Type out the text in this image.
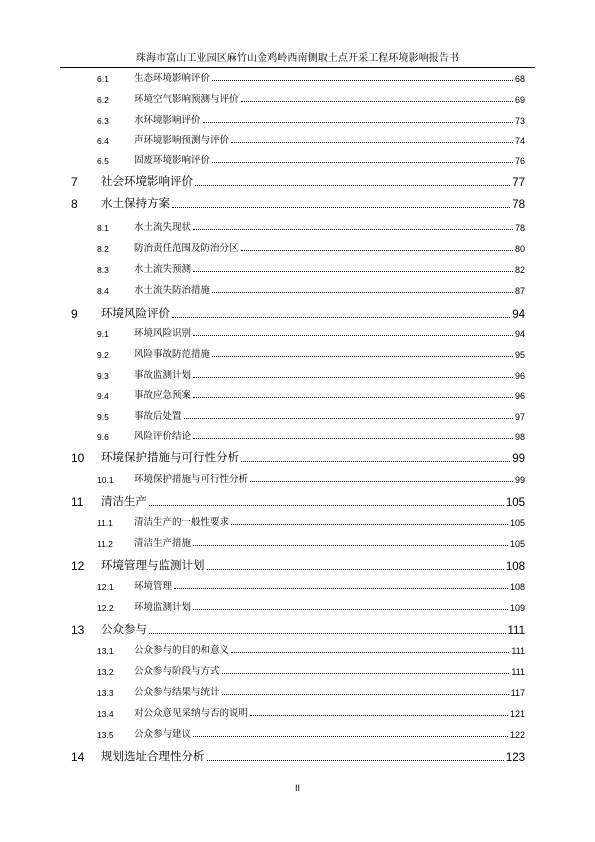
珠海市富山工业园区麻竹山金鸡岭西南侧取土点开采工程环境影响报告书
6.1	生态环境影响评价	68
6.2	环境空气影响预测与评价	69
6.3	水环境影响评价	73
6.4	声环境影响预测与评价	74
6.5	固废环境影响评价	76
7	社会环境影响评价	77
8	水土保持方案	78
8.1	水土流失现状	78
8.2	防治责任范围及防治分区	80
8.3	水土流失预测	82
8.4	水土流失防治措施	87
9	环境风险评价	94
9.1	环境风险识别	94
9.2	风险事故防范措施	95
9.3	事故监测计划	96
9.4	事故应急预案	96
9.5	事故后处置	97
9.6	风险评价结论	98
10	环境保护措施与可行性分析	99
10.1	环境保护措施与可行性分析	99
11	清洁生产	105
11.1	清洁生产的一般性要求	105
11.2	清洁生产措施	105
12	环境管理与监测计划	108
12.1	环境管理	108
12.2	环境监测计划	109
13	公众参与	111
13.1	公众参与的目的和意义	111
13.2	公众参与阶段与方式	111
13.3	公众参与结果与统计	117
13.4	对公众意见采纳与否的说明	121
13.5	公众参与建议	122
14	规划选址合理性分析	123
II
